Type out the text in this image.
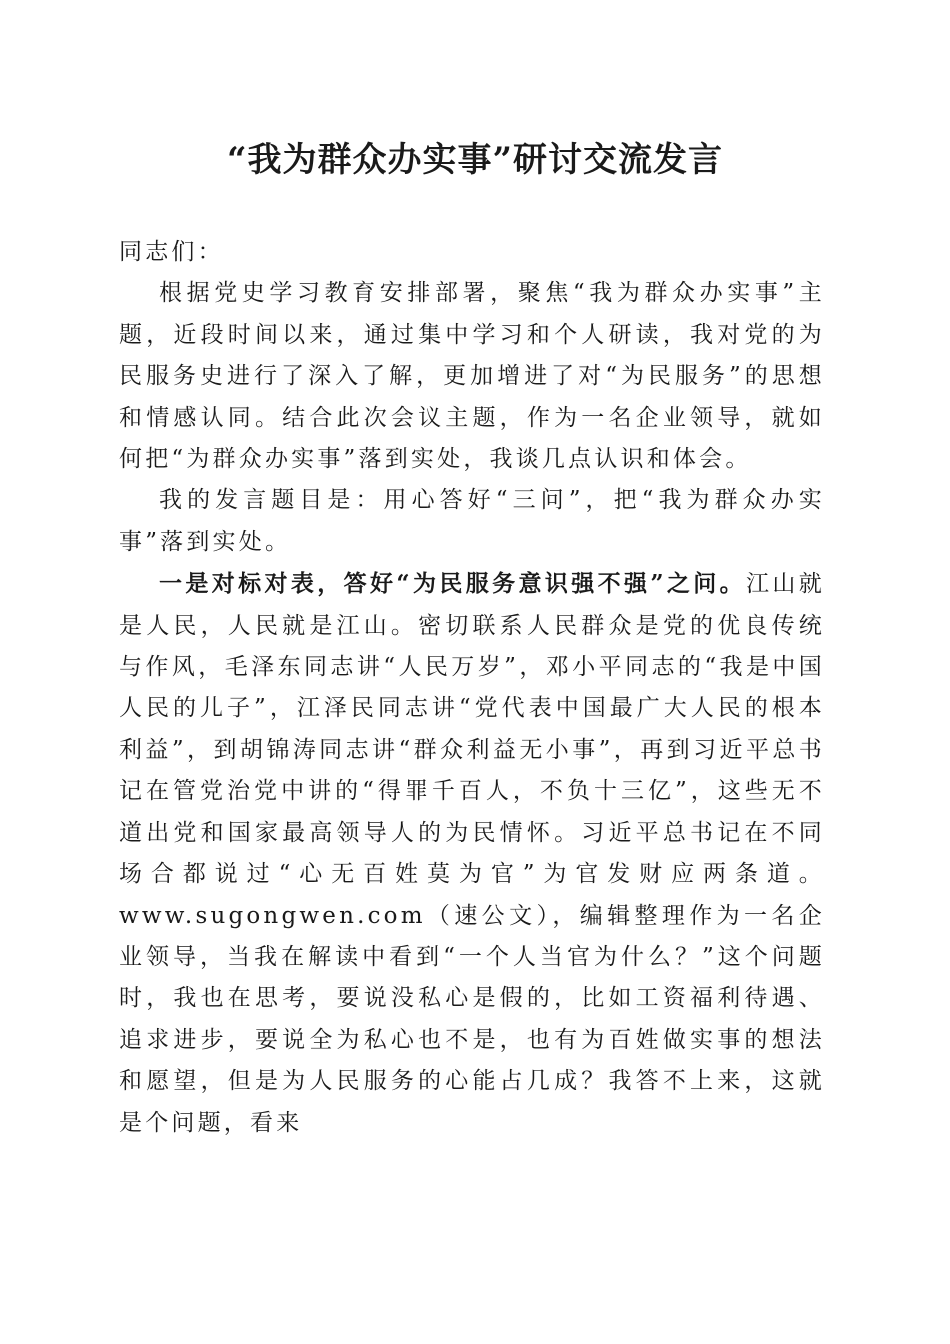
“我为群众办实事”研讨交流发言

同志们：

根据党史学习教育安排部署，聚焦“我为群众办实事”主题，近段时间以来，通过集中学习和个人研读，我对党的为民服务史进行了深入了解，更加增进了对“为民服务”的思想和情感认同。结合此次会议主题，作为一名企业领导，就如何把“为群众办实事”落到实处，我谈几点认识和体会。

我的发言题目是：用心答好“三问”，把“我为群众办实事”落到实处。

一是对标对表，答好“为民服务意识强不强”之问。江山就是人民，人民就是江山。密切联系人民群众是党的优良传统与作风，毛泽东同志讲“人民万岁”，邓小平同志的“我是中国人民的儿子”，江泽民同志讲“党代表中国最广大人民的根本利益”，到胡锦涛同志讲“群众利益无小事”，再到习近平总书记在管党治党中讲的“得罪千百人，不负十三亿”，这些无不道出党和国家最高领导人的为民情怀。习近平总书记在不同场合都说过“心无百姓莫为官”为官发财应两条道。www.sugongwen.com（速公文），编辑整理作为一名企业领导，当我在解读中看到“一个人当官为什么？”这个问题时，我也在思考，要说没私心是假的，比如工资福利待遇、追求进步，要说全为私心也不是，也有为百姓做实事的想法和愿望，但是为人民服务的心能占几成？我答不上来，这就是个问题，看来
